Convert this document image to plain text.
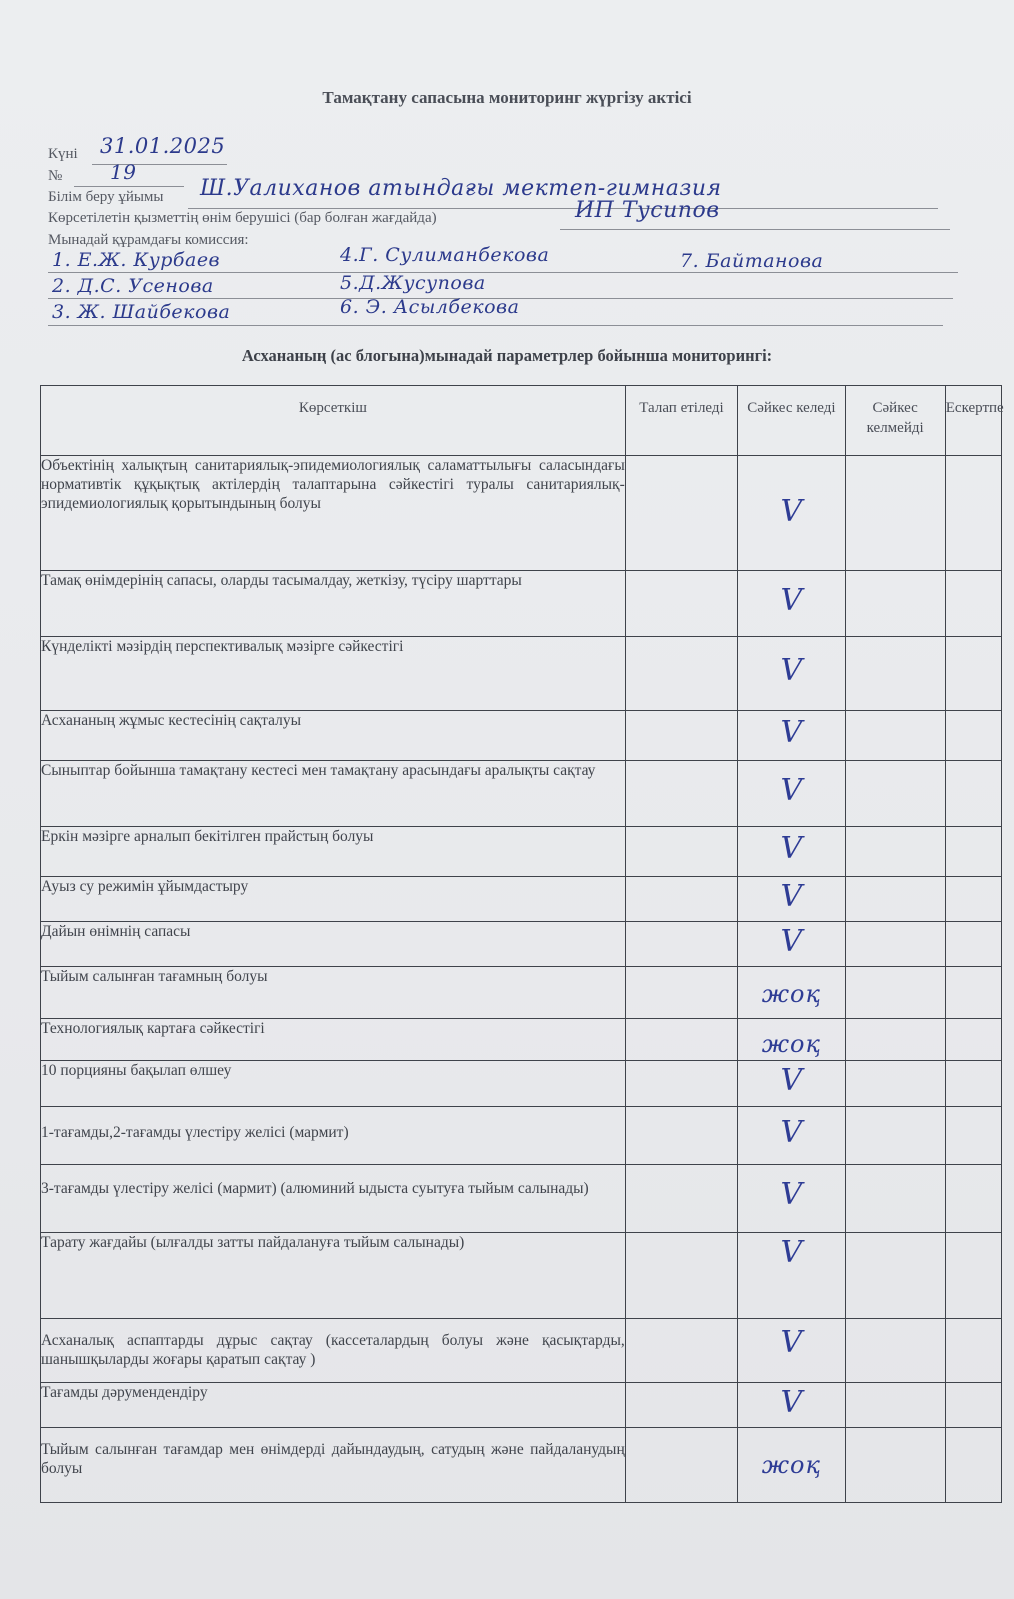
Тамақтану сапасына мониторинг жүргізу актісі
Күні 31.01.2025
№ 19
Білім беру ұйымы Ш.Уалиханов атындағы мектеп-гимназия
Көрсетілетін қызметтің өнім берушісі (бар болған жағдайда)	ИП Тусипов
Мынадай құрамдағы комиссия:
1. Е.Ж. Курбаев
2. Д.С. Усенова
3. Ж. Шайбекова
4.Г. Сулиманбекова
5.Д.Жусупова
6. Э. Асылбекова
7. Байтанова
Асхананың (ас блогына)мынадай параметрлер бойынша мониторингі:
Көрсеткіш	Талап етіледі	Сәйкес келеді	Сәйкес келмейді	Ескертпе
Объектінің халықтың санитариялық-эпидемиологиялық саламаттылығы саласындағы нормативтік құқықтық актілердің талаптарына сәйкестігі туралы санитариялық-эпидемиологиялық қорытындының болуы		V		
Тамақ өнімдерінің сапасы, оларды тасымалдау, жеткізу, түсіру шарттары		V		
Күнделікті мәзірдің перспективалық мәзірге сәйкестігі		V		
Асхананың жұмыс кестесінің сақталуы		V		
Сыныптар бойынша тамақтану кестесі мен тамақтану арасындағы аралықты сақтау		V		
Еркін мәзірге арналып бекітілген прайстың болуы		V		
Ауыз су режимін ұйымдастыру		V		
Дайын өнімнің сапасы		V		
Тыйым салынған тағамның болуы		жоқ		
Технологиялық картаға сәйкестігі		жоқ		
10 порцияны бақылап өлшеу		V		
1-тағамды,2-тағамды үлестіру желісі (мармит)		V		
3-тағамды үлестіру желісі (мармит) (алюминий ыдыста суытуға тыйым салынады)		V		
Тарату жағдайы (ылғалды затты пайдалануға тыйым салынады)		V		
Асханалық аспаптарды дұрыс сақтау (кассеталардың болуы және қасықтарды, шанышқыларды жоғары қаратып сақтау )		V		
Тағамды дәрумендендіру		V		
Тыйым салынған тағамдар мен өнімдерді дайындаудың, сатудың және пайдаланудың болуы		жоқ		
